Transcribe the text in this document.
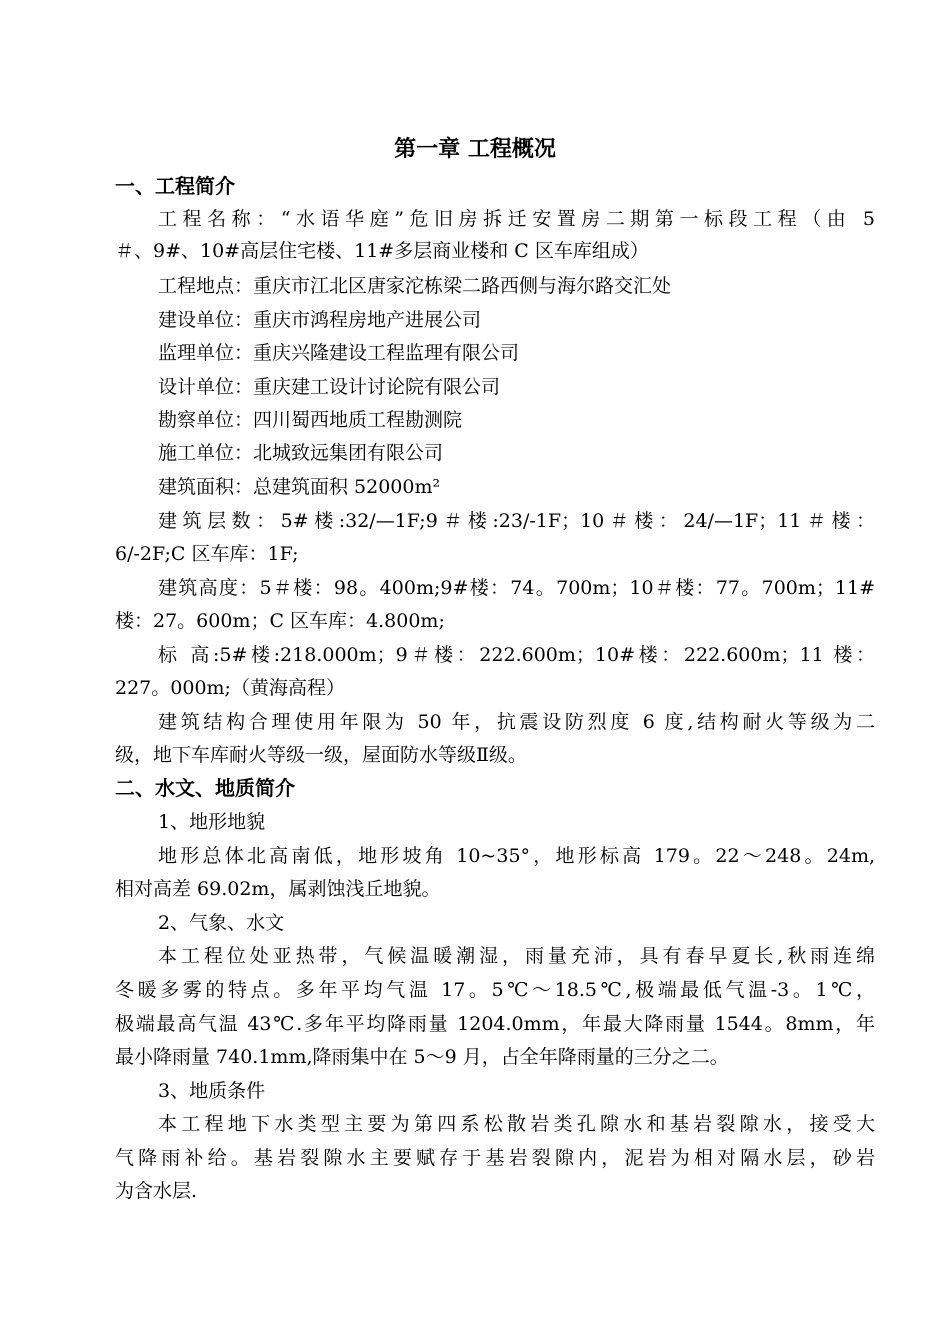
第一章 工程概况
一、工程简介
工程名称：“水语华庭”危旧房拆迁安置房二期第一标段工程（由 5
＃、9#、10#高层住宅楼、11#多层商业楼和 C 区车库组成）
工程地点：重庆市江北区唐家沱栋梁二路西侧与海尔路交汇处
建设单位：重庆市鸿程房地产进展公司
监理单位：重庆兴隆建设工程监理有限公司
设计单位：重庆建工设计讨论院有限公司
勘察单位：四川蜀西地质工程勘测院
施工单位：北城致远集团有限公司
建筑面积：总建筑面积 52000m²
建筑层数：5#楼:32/—1F;9＃楼:23/-1F；10＃楼：24/—1F；11＃楼：
6/-2F;C 区车库：1F;
建筑高度：5＃楼：98。400m;9#楼：74。700m；10＃楼：77。700m；11#
楼：27。600m；C 区车库：4.800m;
标 高:5#楼:218.000m；9＃楼：222.600m；10#楼：222.600m；11 楼：
227。000m;（黄海高程）
建筑结构合理使用年限为 50 年，抗震设防烈度 6 度,结构耐火等级为二
级，地下车库耐火等级一级，屋面防水等级Ⅱ级。
二、水文、地质简介
1、地形地貌
地形总体北高南低，地形坡角 10~35°，地形标高 179。22～248。24m,
相对高差 69.02m，属剥蚀浅丘地貌。
2、气象、水文
本工程位处亚热带，气候温暖潮湿，雨量充沛，具有春早夏长,秋雨连绵
冬暖多雾的特点。多年平均气温 17。5℃～18.5℃,极端最低气温-3。1℃，
极端最高气温 43℃.多年平均降雨量 1204.0mm，年最大降雨量 1544。8mm，年
最小降雨量 740.1mm,降雨集中在 5～9 月，占全年降雨量的三分之二。
3、地质条件
本工程地下水类型主要为第四系松散岩类孔隙水和基岩裂隙水，接受大
气降雨补给。基岩裂隙水主要赋存于基岩裂隙内，泥岩为相对隔水层，砂岩
为含水层.
